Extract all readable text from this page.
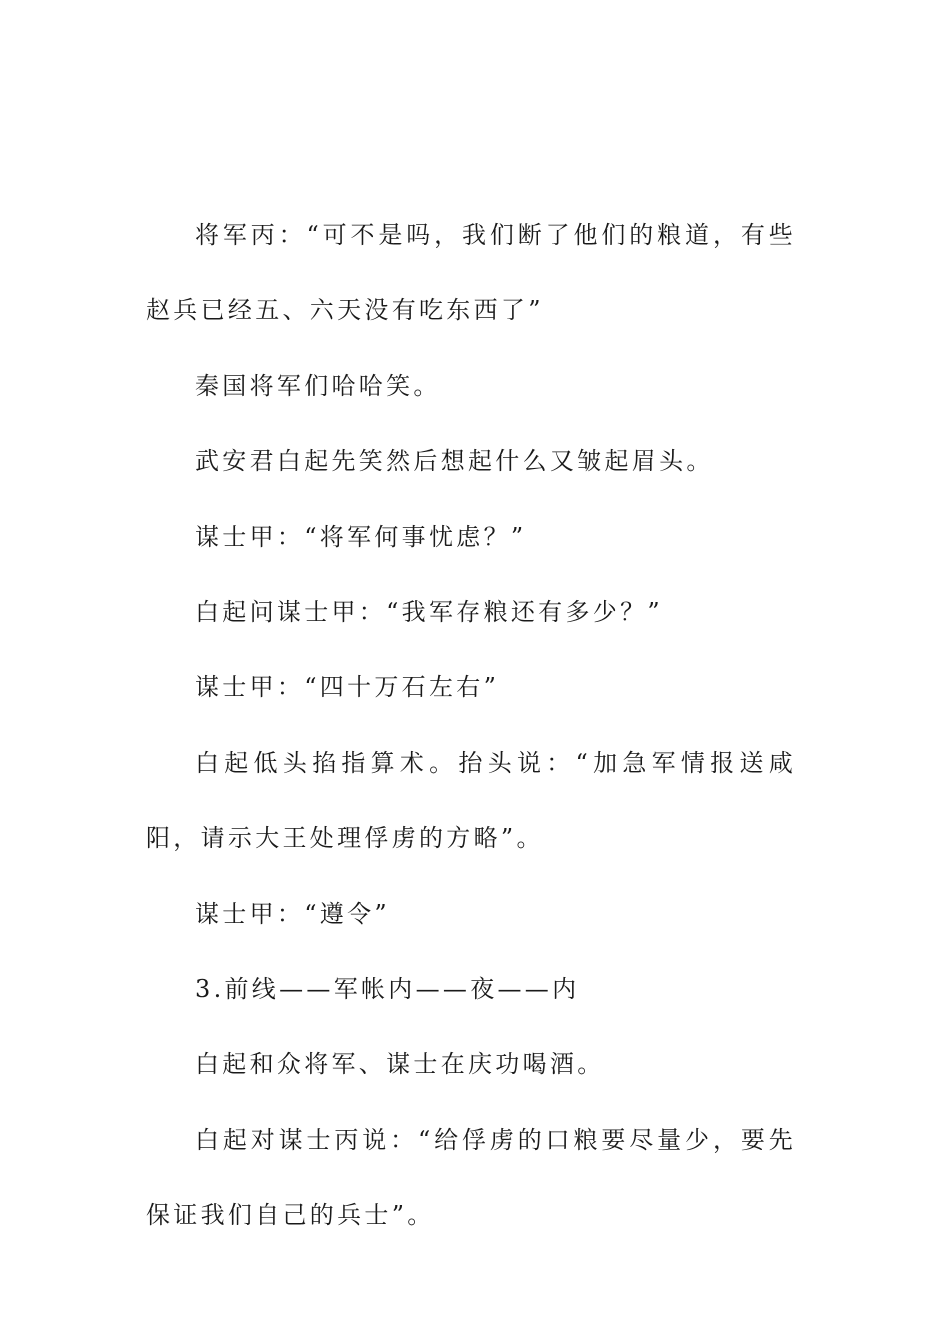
将军丙：“可不是吗，我们断了他们的粮道，有些赵兵已经五、六天没有吃东西了”

秦国将军们哈哈笑。

武安君白起先笑然后想起什么又皱起眉头。

谋士甲：“将军何事忧虑？”

白起问谋士甲：“我军存粮还有多少？”

谋士甲：“四十万石左右”

白起低头掐指算术。抬头说：“加急军情报送咸阳，请示大王处理俘虏的方略”。

谋士甲：“遵令”

3.前线——军帐内——夜——内

白起和众将军、谋士在庆功喝酒。

白起对谋士丙说：“给俘虏的口粮要尽量少，要先保证我们自己的兵士”。
